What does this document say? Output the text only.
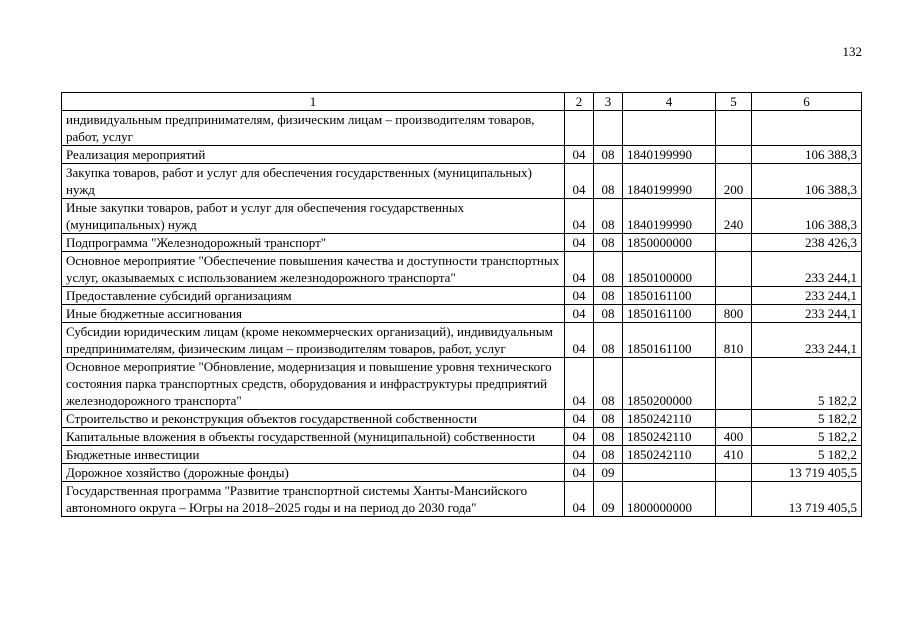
132
1	2	3	4	5	6
индивидуальным предпринимателям, физическим лицам – производителям товаров, работ, услуг					
Реализация мероприятий	04	08	1840199990		106 388,3
Закупка товаров, работ и услуг для обеспечения государственных (муниципальных) нужд	04	08	1840199990	200	106 388,3
Иные закупки товаров, работ и услуг для обеспечения государственных (муниципальных) нужд	04	08	1840199990	240	106 388,3
Подпрограмма "Железнодорожный транспорт"	04	08	1850000000		238 426,3
Основное мероприятие "Обеспечение повышения качества и доступности транспортных услуг, оказываемых с использованием железнодорожного транспорта"	04	08	1850100000		233 244,1
Предоставление субсидий организациям	04	08	1850161100		233 244,1
Иные бюджетные ассигнования	04	08	1850161100	800	233 244,1
Субсидии юридическим лицам (кроме некоммерческих организаций), индивидуальным предпринимателям, физическим лицам – производителям товаров, работ, услуг	04	08	1850161100	810	233 244,1
Основное мероприятие "Обновление, модернизация и повышение уровня технического состояния парка транспортных средств, оборудования и инфраструктуры предприятий железнодорожного транспорта"	04	08	1850200000		5 182,2
Строительство и реконструкция объектов государственной собственности	04	08	1850242110		5 182,2
Капитальные вложения в объекты государственной (муниципальной) собственности	04	08	1850242110	400	5 182,2
Бюджетные инвестиции	04	08	1850242110	410	5 182,2
Дорожное хозяйство (дорожные фонды)	04	09			13 719 405,5
Государственная программа "Развитие транспортной системы Ханты-Мансийского автономного округа – Югры на 2018–2025 годы и на период до 2030 года"	04	09	1800000000		13 719 405,5
